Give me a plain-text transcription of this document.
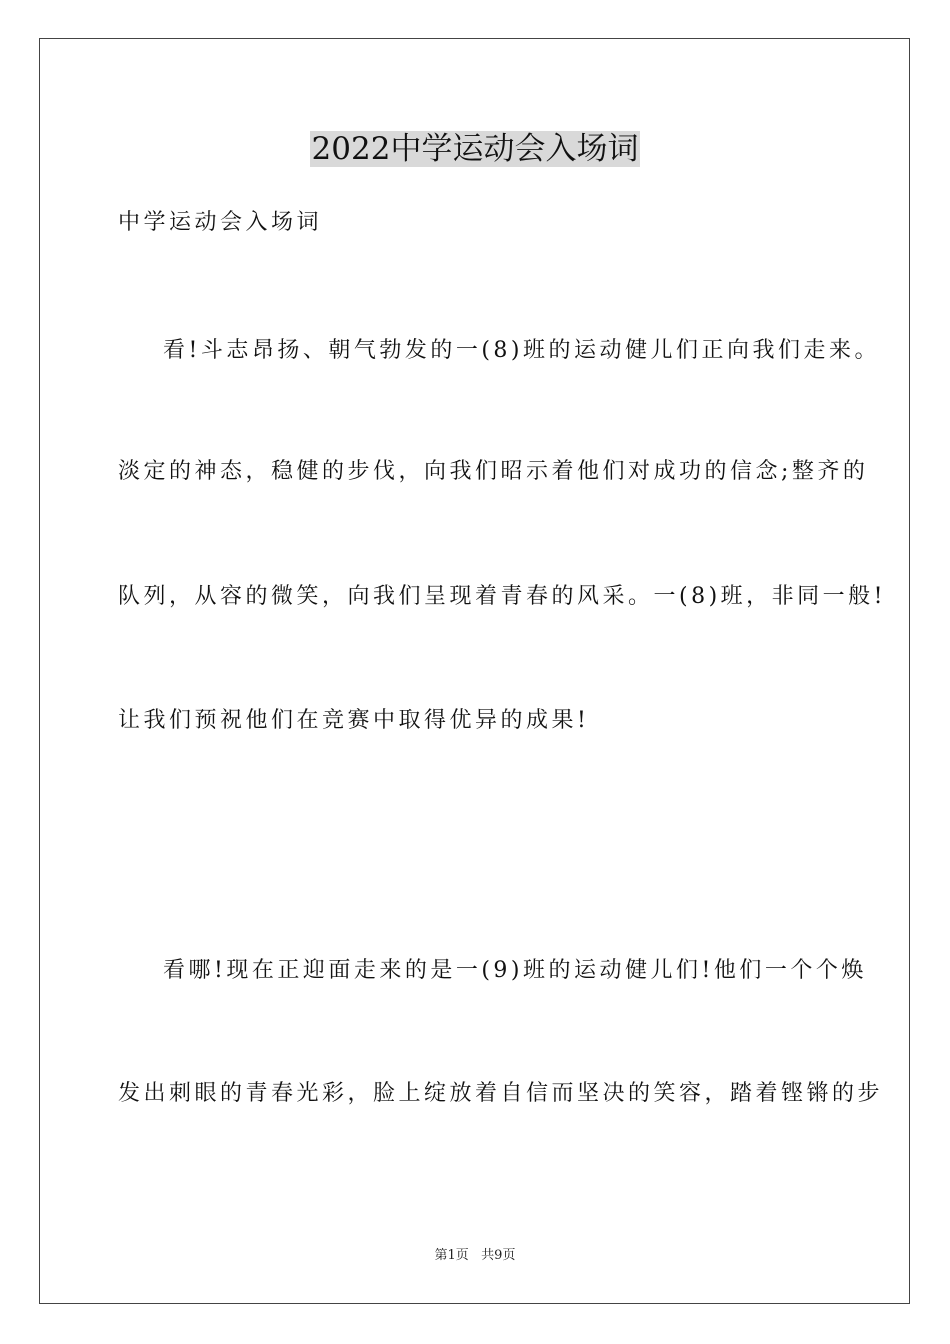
2022中学运动会入场词
中学运动会入场词
看!斗志昂扬、朝气勃发的一(8)班的运动健儿们正向我们走来。
淡定的神态，稳健的步伐，向我们昭示着他们对成功的信念;整齐的
队列，从容的微笑，向我们呈现着青春的风采。一(8)班，非同一般!
让我们预祝他们在竞赛中取得优异的成果!
看哪!现在正迎面走来的是一(9)班的运动健儿们!他们一个个焕
发出刺眼的青春光彩，脸上绽放着自信而坚决的笑容，踏着铿锵的步
第1页   共9页
